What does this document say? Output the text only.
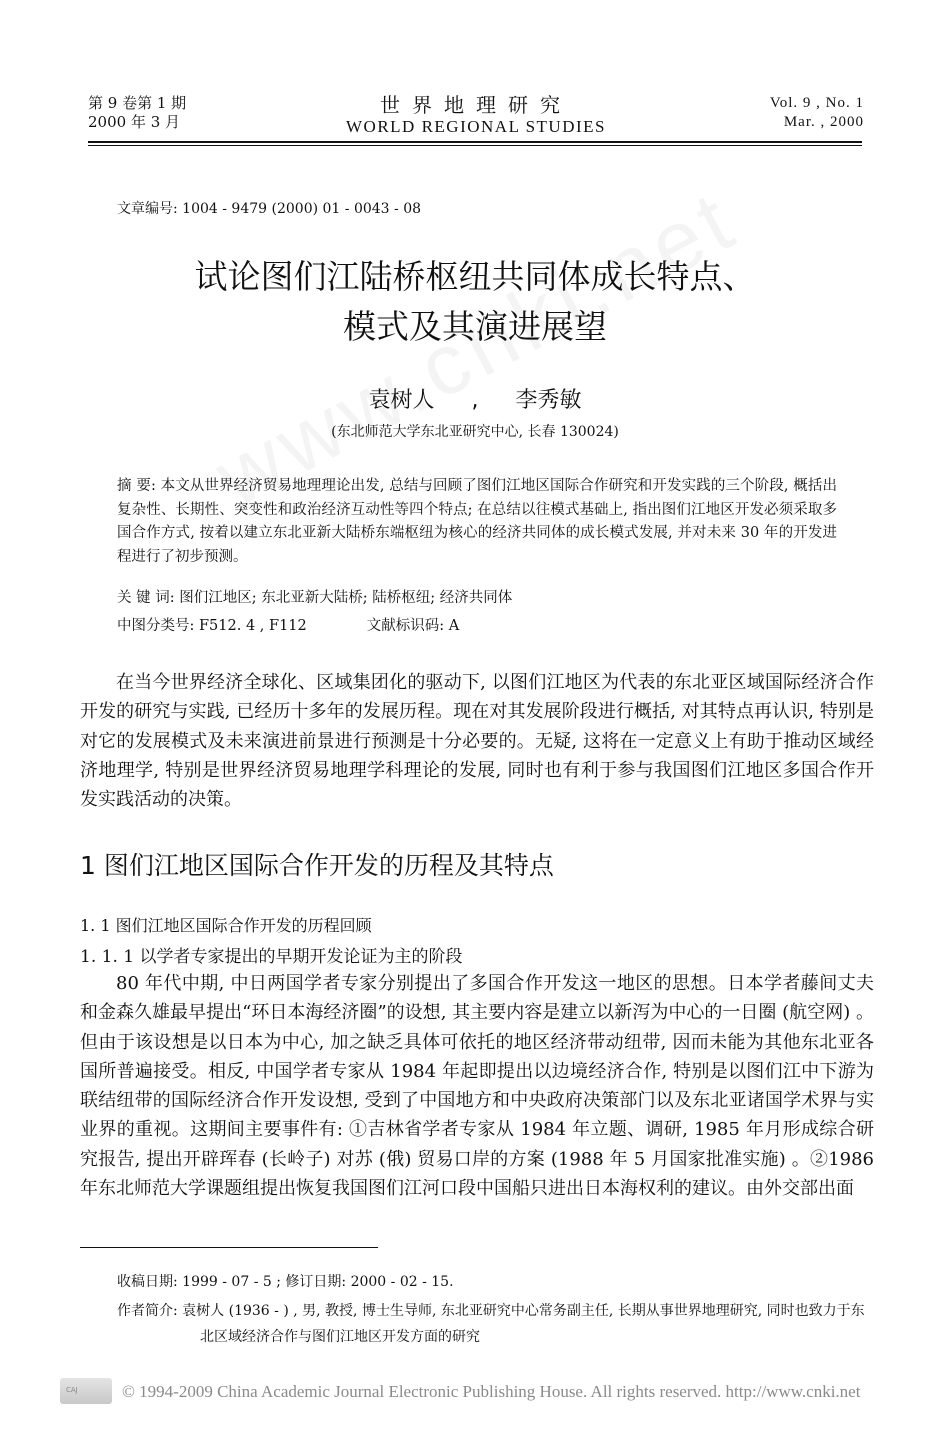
第 9 卷第 1 期
2000 年 3 月
世界地理研究
WORLD REGIONAL STUDIES
Vol. 9 , No. 1
Mar. , 2000
文章编号: 1004 - 9479 (2000) 01 - 0043 - 08
试论图们江陆桥枢纽共同体成长特点、
模式及其演进展望
袁树人 , 李秀敏
(东北师范大学东北亚研究中心, 长春 130024)
摘 要: 本文从世界经济贸易地理理论出发, 总结与回顾了图们江地区国际合作研究和开发实践的三个阶段, 概括出复杂性、长期性、突变性和政治经济互动性等四个特点; 在总结以往模式基础上, 指出图们江地区开发必须采取多国合作方式, 按着以建立东北亚新大陆桥东端枢纽为核心的经济共同体的成长模式发展, 并对未来 30 年的开发进程进行了初步预测。
关 键 词: 图们江地区; 东北亚新大陆桥; 陆桥枢纽; 经济共同体
中图分类号: F512. 4 , F112	文献标识码: A
在当今世界经济全球化、区域集团化的驱动下, 以图们江地区为代表的东北亚区域国际经济合作开发的研究与实践, 已经历十多年的发展历程。现在对其发展阶段进行概括, 对其特点再认识, 特别是对它的发展模式及未来演进前景进行预测是十分必要的。无疑, 这将在一定意义上有助于推动区域经济地理学, 特别是世界经济贸易地理学科理论的发展, 同时也有利于参与我国图们江地区多国合作开发实践活动的决策。
1 图们江地区国际合作开发的历程及其特点
1. 1 图们江地区国际合作开发的历程回顾
1. 1. 1 以学者专家提出的早期开发论证为主的阶段
80 年代中期, 中日两国学者专家分别提出了多国合作开发这一地区的思想。日本学者藤间丈夫和金森久雄最早提出“环日本海经济圈”的设想, 其主要内容是建立以新泻为中心的一日圈 (航空网) 。但由于该设想是以日本为中心, 加之缺乏具体可依托的地区经济带动纽带, 因而未能为其他东北亚各国所普遍接受。相反, 中国学者专家从 1984 年起即提出以边境经济合作, 特别是以图们江中下游为联结纽带的国际经济合作开发设想, 受到了中国地方和中央政府决策部门以及东北亚诸国学术界与实业界的重视。这期间主要事件有: ①吉林省学者专家从 1984 年立题、调研, 1985 年月形成综合研究报告, 提出开辟珲春 (长岭子) 对苏 (俄) 贸易口岸的方案 (1988 年 5 月国家批准实施) 。②1986 年东北师范大学课题组提出恢复我国图们江河口段中国船只进出日本海权利的建议。由外交部出面
收稿日期: 1999 - 07 - 5 ; 修订日期: 2000 - 02 - 15.
作者简介: 袁树人 (1936 - ) , 男, 教授, 博士生导师, 东北亚研究中心常务副主任, 长期从事世界地理研究, 同时也致力于东北区域经济合作与图们江地区开发方面的研究
CAJ	© 1994-2009 China Academic Journal Electronic Publishing House. All rights reserved. http://www.cnki.net
